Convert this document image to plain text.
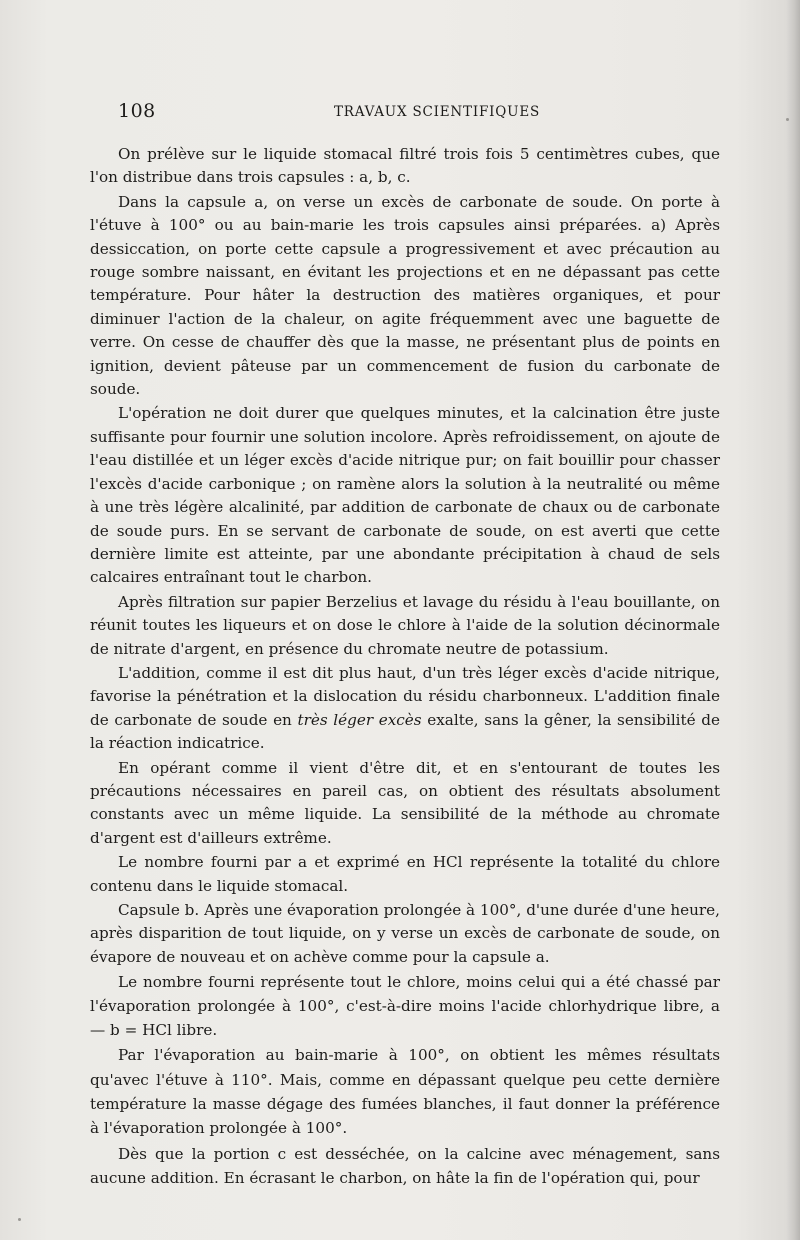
108	TRAVAUX SCIENTIFIQUES

On prélève sur le liquide stomacal filtré trois fois 5 centimètres cubes, que l'on distribue dans trois capsules : a, b, c.

Dans la capsule a, on verse un excès de carbonate de soude. On porte à l'étuve à 100° ou au bain-marie les trois capsules ainsi préparées. a) Après dessiccation, on porte cette capsule a progressivement et avec précaution au rouge sombre naissant, en évitant les projections et en ne dépassant pas cette température. Pour hâter la destruction des matières organiques, et pour diminuer l'action de la chaleur, on agite fréquemment avec une baguette de verre. On cesse de chauffer dès que la masse, ne présentant plus de points en ignition, devient pâteuse par un commencement de fusion du carbonate de soude.

L'opération ne doit durer que quelques minutes, et la calcination être juste suffisante pour fournir une solution incolore. Après refroidissement, on ajoute de l'eau distillée et un léger excès d'acide nitrique pur; on fait bouillir pour chasser l'excès d'acide carbonique ; on ramène alors la solution à la neutralité ou même à une très légère alcalinité, par addition de carbonate de chaux ou de carbonate de soude purs. En se servant de carbonate de soude, on est averti que cette dernière limite est atteinte, par une abondante précipitation à chaud de sels calcaires entraînant tout le charbon.

Après filtration sur papier Berzelius et lavage du résidu à l'eau bouillante, on réunit toutes les liqueurs et on dose le chlore à l'aide de la solution décinormale de nitrate d'argent, en présence du chromate neutre de potassium.

L'addition, comme il est dit plus haut, d'un très léger excès d'acide nitrique, favorise la pénétration et la dislocation du résidu charbonneux. L'addition finale de carbonate de soude en très léger excès exalte, sans la gêner, la sensibilité de la réaction indicatrice.

En opérant comme il vient d'être dit, et en s'entourant de toutes les précautions nécessaires en pareil cas, on obtient des résultats absolument constants avec un même liquide. La sensibilité de la méthode au chromate d'argent est d'ailleurs extrême.

Le nombre fourni par a et exprimé en HCl représente la totalité du chlore contenu dans le liquide stomacal.

Capsule b. Après une évaporation prolongée à 100°, d'une durée d'une heure, après disparition de tout liquide, on y verse un excès de carbonate de soude, on évapore de nouveau et on achève comme pour la capsule a.

Le nombre fourni représente tout le chlore, moins celui qui a été chassé par l'évaporation prolongée à 100°, c'est-à-dire moins l'acide chlorhydrique libre, a — b = HCl libre.

Par l'évaporation au bain-marie à 100°, on obtient les mêmes résultats qu'avec l'étuve à 110°. Mais, comme en dépassant quelque peu cette dernière température la masse dégage des fumées blanches, il faut donner la préférence à l'évaporation prolongée à 100°.

Dès que la portion c est desséchée, on la calcine avec ménagement, sans aucune addition. En écrasant le charbon, on hâte la fin de l'opération qui, pour
